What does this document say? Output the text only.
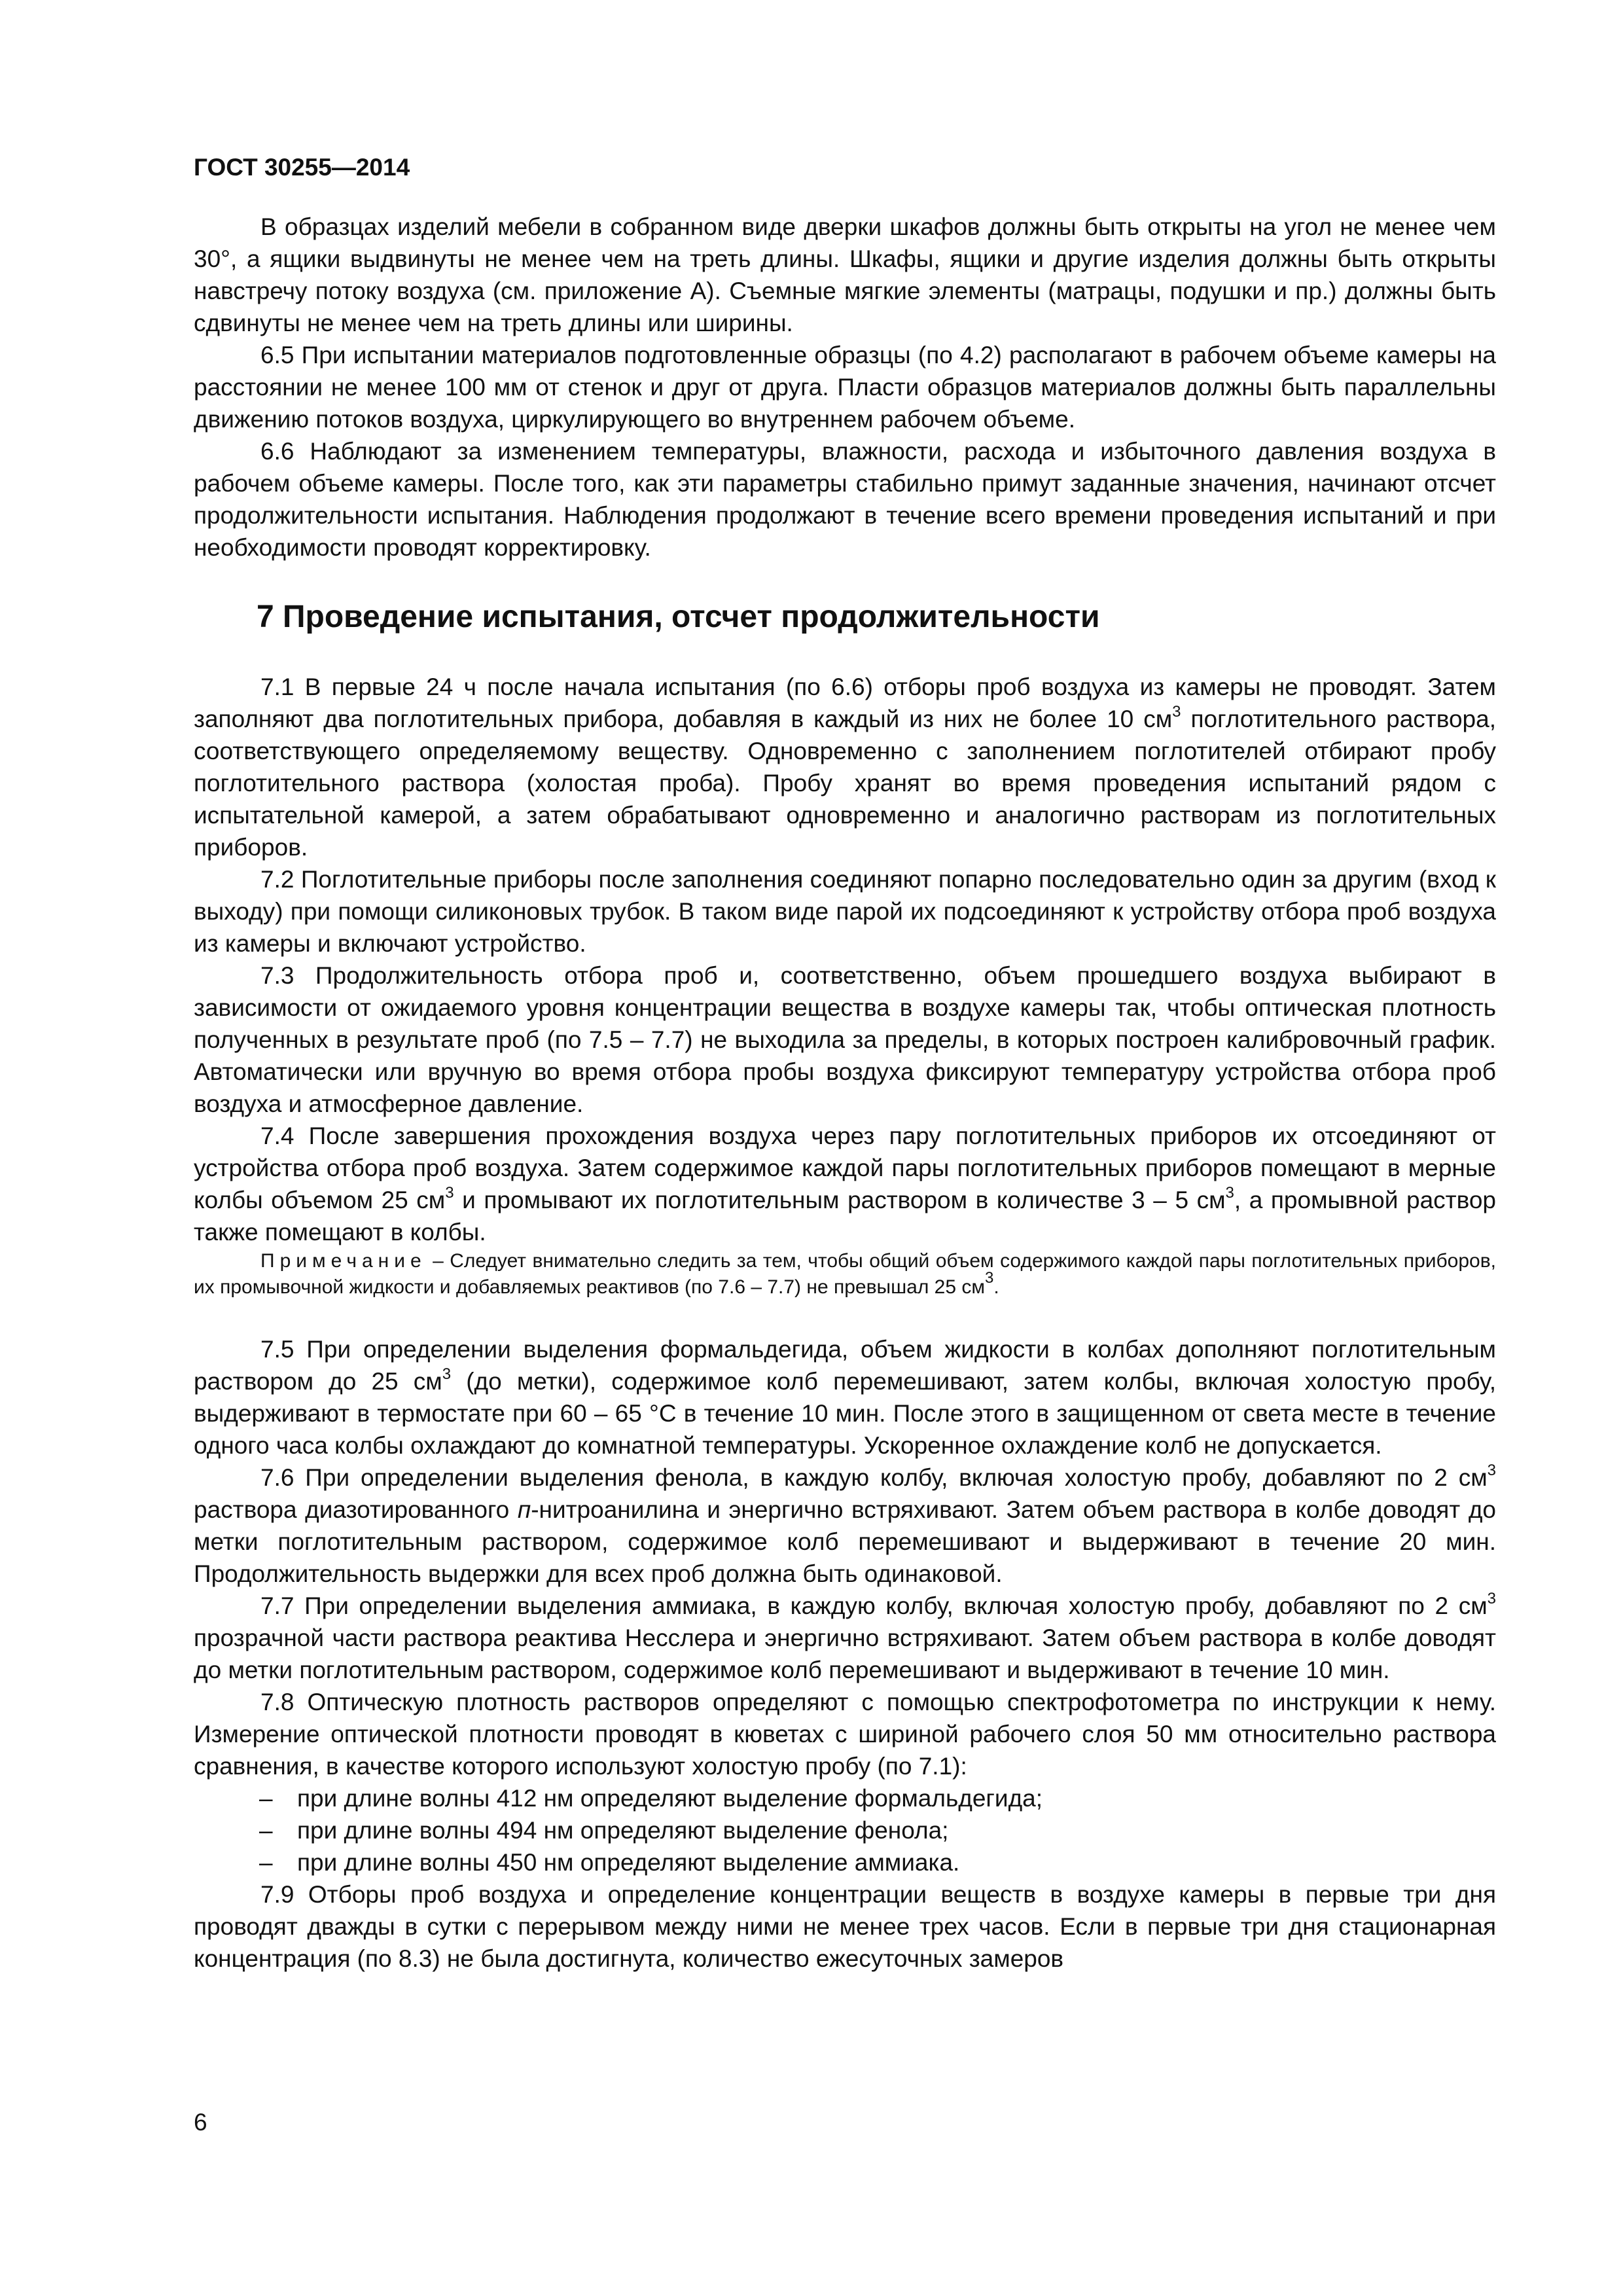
ГОСТ 30255—2014

В образцах изделий мебели в собранном виде дверки шкафов должны быть открыты на угол не менее чем 30°, а ящики выдвинуты не менее чем на треть длины. Шкафы, ящики и другие изделия должны быть открыты навстречу потоку воздуха (см. приложение А). Съемные мягкие элементы (матрацы, подушки и пр.) должны быть сдвинуты не менее чем на треть длины или ширины.

6.5 При испытании материалов подготовленные образцы (по 4.2) располагают в рабочем объеме камеры на расстоянии не менее 100 мм от стенок и друг от друга. Пласти образцов материалов должны быть параллельны движению потоков воздуха, циркулирующего во внутреннем рабочем объеме.

6.6 Наблюдают за изменением температуры, влажности, расхода и избыточного давления воздуха в рабочем объеме камеры. После того, как эти параметры стабильно примут заданные значения, начинают отсчет продолжительности испытания. Наблюдения продолжают в течение всего времени проведения испытаний и при необходимости проводят корректировку.

7 Проведение испытания, отсчет продолжительности

7.1 В первые 24 ч после начала испытания (по 6.6) отборы проб воздуха из камеры не проводят. Затем заполняют два поглотительных прибора, добавляя в каждый из них не более 10 $см^3$ поглотительного раствора, соответствующего определяемому веществу. Одновременно с заполнением поглотителей отбирают пробу поглотительного раствора (холостая проба). Пробу хранят во время проведения испытаний рядом с испытательной камерой, а затем обрабатывают одновременно и аналогично растворам из поглотительных приборов.

7.2 Поглотительные приборы после заполнения соединяют попарно последовательно один за другим (вход к выходу) при помощи силиконовых трубок. В таком виде парой их подсоединяют к устройству отбора проб воздуха из камеры и включают устройство.

7.3 Продолжительность отбора проб и, соответственно, объем прошедшего воздуха выбирают в зависимости от ожидаемого уровня концентрации вещества в воздухе камеры так, чтобы оптическая плотность полученных в результате проб (по 7.5 – 7.7) не выходила за пределы, в которых построен калибровочный график. Автоматически или вручную во время отбора пробы воздуха фиксируют температуру устройства отбора проб воздуха и атмосферное давление.

7.4 После завершения прохождения воздуха через пару поглотительных приборов их отсоединяют от устройства отбора проб воздуха. Затем содержимое каждой пары поглотительных приборов помещают в мерные колбы объемом 25 $см^3$ и промывают их поглотительным раствором в количестве 3 – 5 $см^3$, а промывной раствор также помещают в колбы.

Примечание – Следует внимательно следить за тем, чтобы общий объем содержимого каждой пары поглотительных приборов, их промывочной жидкости и добавляемых реактивов (по 7.6 – 7.7) не превышал 25 $см^3$.

7.5 При определении выделения формальдегида, объем жидкости в колбах дополняют поглотительным раствором до 25 $см^3$ (до метки), содержимое колб перемешивают, затем колбы, включая холостую пробу, выдерживают в термостате при 60 – 65 °С в течение 10 мин. После этого в защищенном от света месте в течение одного часа колбы охлаждают до комнатной температуры. Ускоренное охлаждение колб не допускается.

7.6 При определении выделения фенола, в каждую колбу, включая холостую пробу, добавляют по 2 $см^3$ раствора диазотированного п-нитроанилина и энергично встряхивают. Затем объем раствора в колбе доводят до метки поглотительным раствором, содержимое колб перемешивают и выдерживают в течение 20 мин. Продолжительность выдержки для всех проб должна быть одинаковой.

7.7 При определении выделения аммиака, в каждую колбу, включая холостую пробу, добавляют по 2 $см^3$ прозрачной части раствора реактива Несслера и энергично встряхивают. Затем объем раствора в колбе доводят до метки поглотительным раствором, содержимое колб перемешивают и выдерживают в течение 10 мин.

7.8 Оптическую плотность растворов определяют с помощью спектрофотометра по инструкции к нему. Измерение оптической плотности проводят в кюветах с шириной рабочего слоя 50 мм относительно раствора сравнения, в качестве которого используют холостую пробу (по 7.1):

– при длине волны 412 нм определяют выделение формальдегида;
– при длине волны 494 нм определяют выделение фенола;
– при длине волны 450 нм определяют выделение аммиака.

7.9 Отборы проб воздуха и определение концентрации веществ в воздухе камеры в первые три дня проводят дважды в сутки с перерывом между ними не менее трех часов. Если в первые три дня стационарная концентрация (по 8.3) не была достигнута, количество ежесуточных замеров

6
